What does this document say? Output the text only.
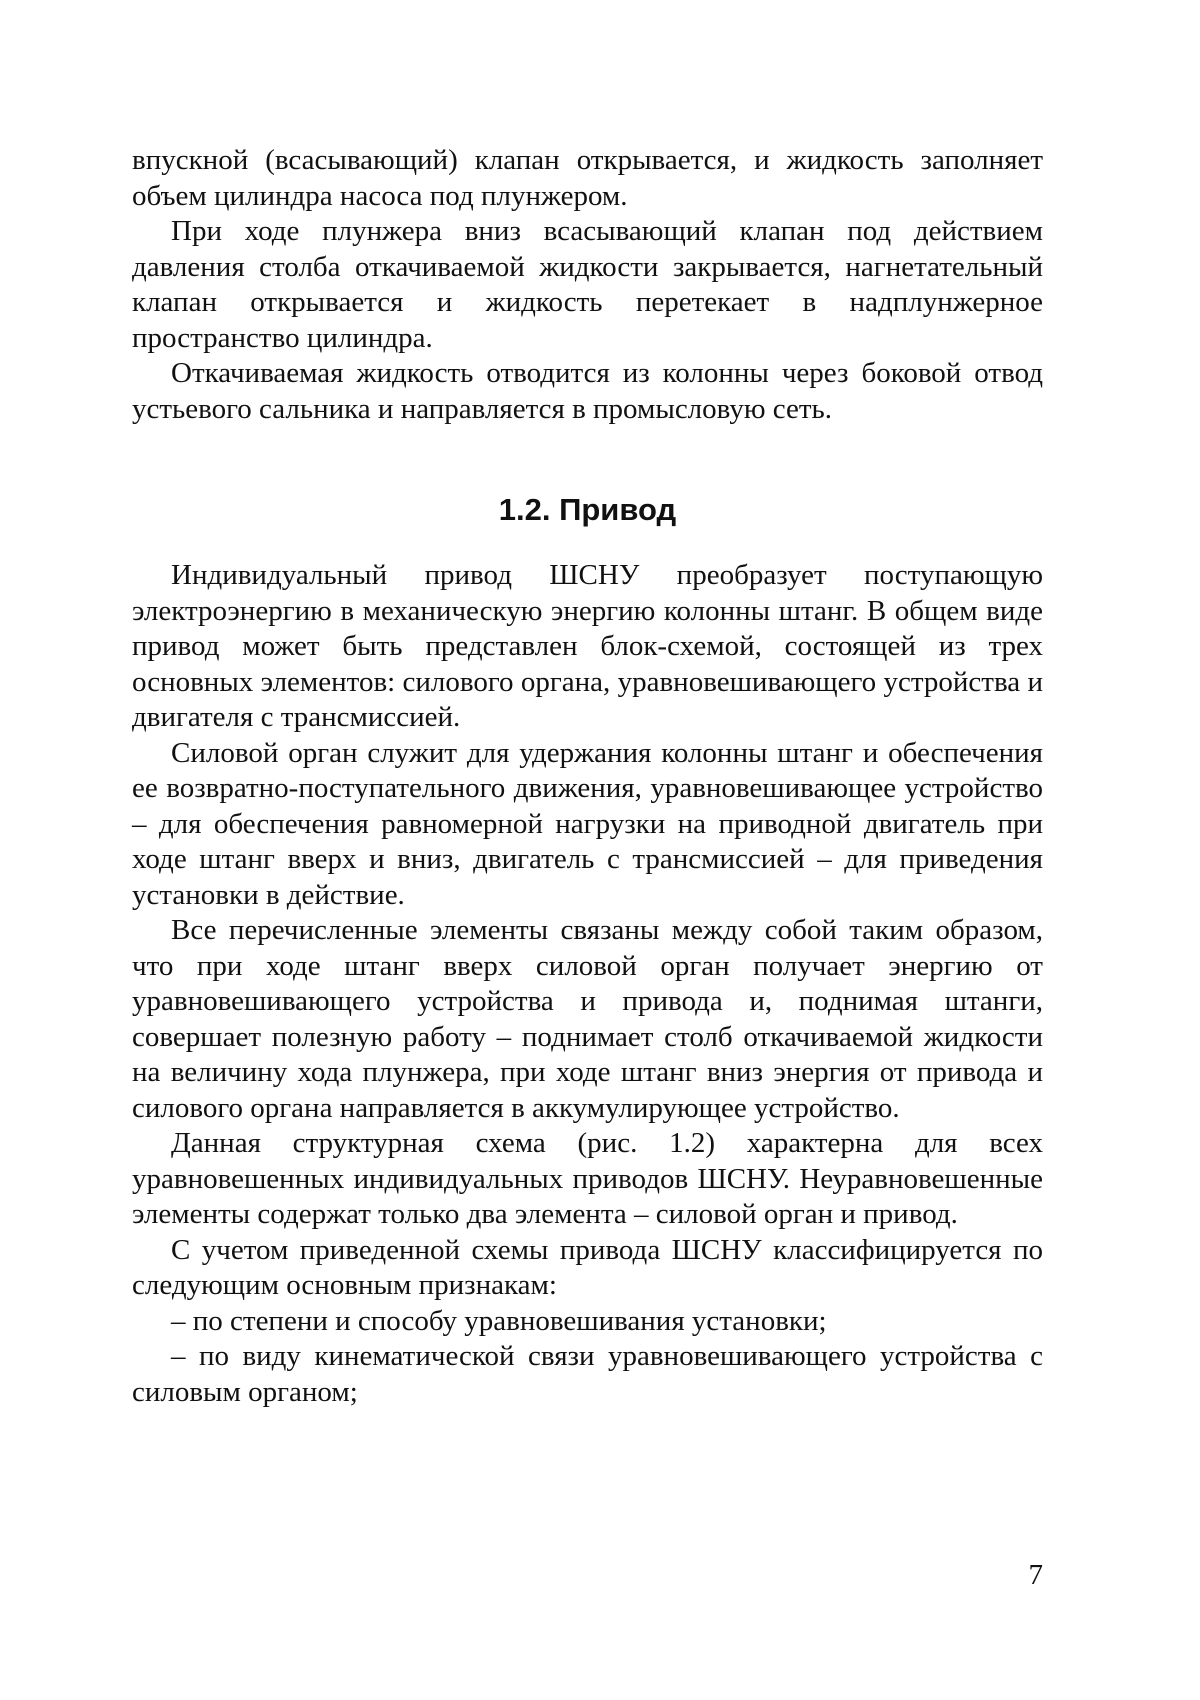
впускной (всасывающий) клапан открывается, и жидкость заполняет объем цилиндра насоса под плунжером.

При ходе плунжера вниз всасывающий клапан под действием давления столба откачиваемой жидкости закрывается, нагнетательный клапан открывается и жидкость перетекает в надплунжерное пространство цилиндра.

Откачиваемая жидкость отводится из колонны через боковой отвод устьевого сальника и направляется в промысловую сеть.

1.2. Привод

Индивидуальный привод ШСНУ преобразует поступающую электроэнергию в механическую энергию колонны штанг. В общем виде привод может быть представлен блок-схемой, состоящей из трех основных элементов: силового органа, уравновешивающего устройства и двигателя с трансмиссией.

Силовой орган служит для удержания колонны штанг и обеспечения ее возвратно-поступательного движения, уравновешивающее устройство – для обеспечения равномерной нагрузки на приводной двигатель при ходе штанг вверх и вниз, двигатель с трансмиссией – для приведения установки в действие.

Все перечисленные элементы связаны между собой таким образом, что при ходе штанг вверх силовой орган получает энергию от уравновешивающего устройства и привода и, поднимая штанги, совершает полезную работу – поднимает столб откачиваемой жидкости на величину хода плунжера, при ходе штанг вниз энергия от привода и силового органа направляется в аккумулирующее устройство.

Данная структурная схема (рис. 1.2) характерна для всех уравновешенных индивидуальных приводов ШСНУ. Неуравновешенные элементы содержат только два элемента – силовой орган и привод.

С учетом приведенной схемы привода ШСНУ классифицируется по следующим основным признакам:

– по степени и способу уравновешивания установки;

– по виду кинематической связи уравновешивающего устройства с силовым органом;

7
